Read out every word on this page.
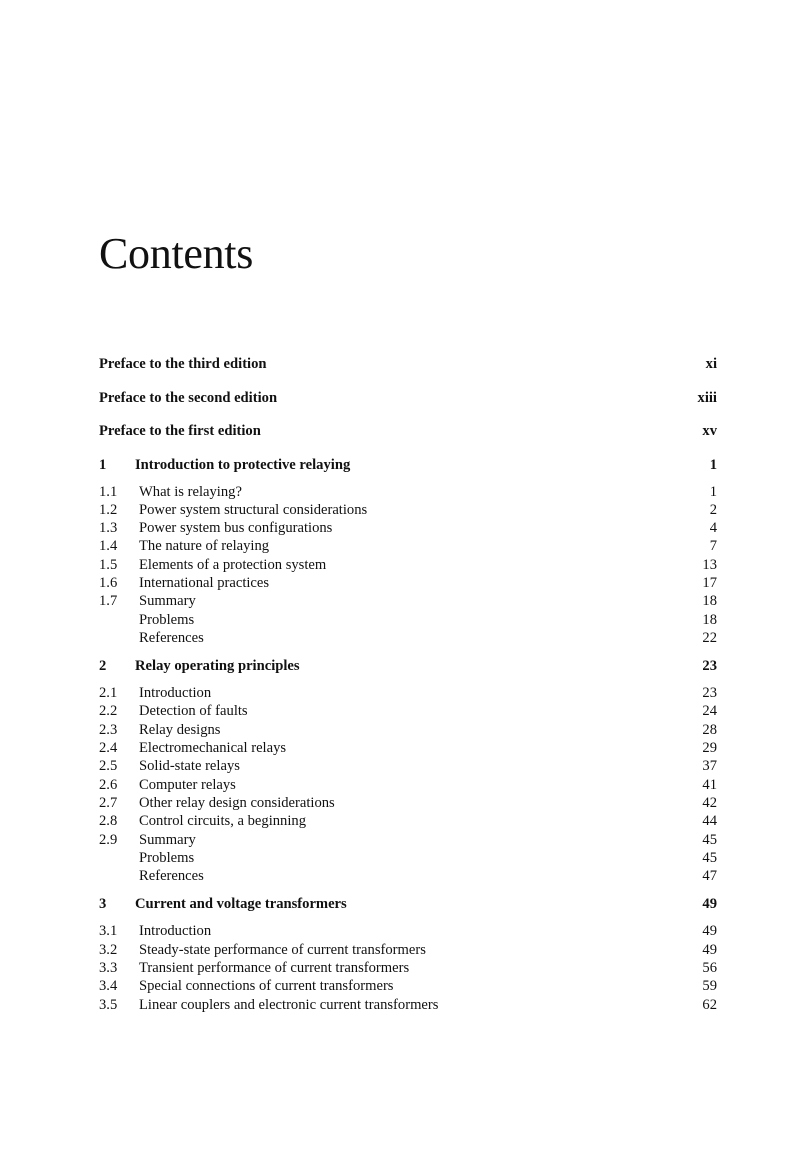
Contents
Preface to the third edition	xi
Preface to the second edition	xiii
Preface to the first edition	xv
1	Introduction to protective relaying	1
1.1	What is relaying?	1
1.2	Power system structural considerations	2
1.3	Power system bus configurations	4
1.4	The nature of relaying	7
1.5	Elements of a protection system	13
1.6	International practices	17
1.7	Summary	18
Problems	18
References	22
2	Relay operating principles	23
2.1	Introduction	23
2.2	Detection of faults	24
2.3	Relay designs	28
2.4	Electromechanical relays	29
2.5	Solid-state relays	37
2.6	Computer relays	41
2.7	Other relay design considerations	42
2.8	Control circuits, a beginning	44
2.9	Summary	45
Problems	45
References	47
3	Current and voltage transformers	49
3.1	Introduction	49
3.2	Steady-state performance of current transformers	49
3.3	Transient performance of current transformers	56
3.4	Special connections of current transformers	59
3.5	Linear couplers and electronic current transformers	62
